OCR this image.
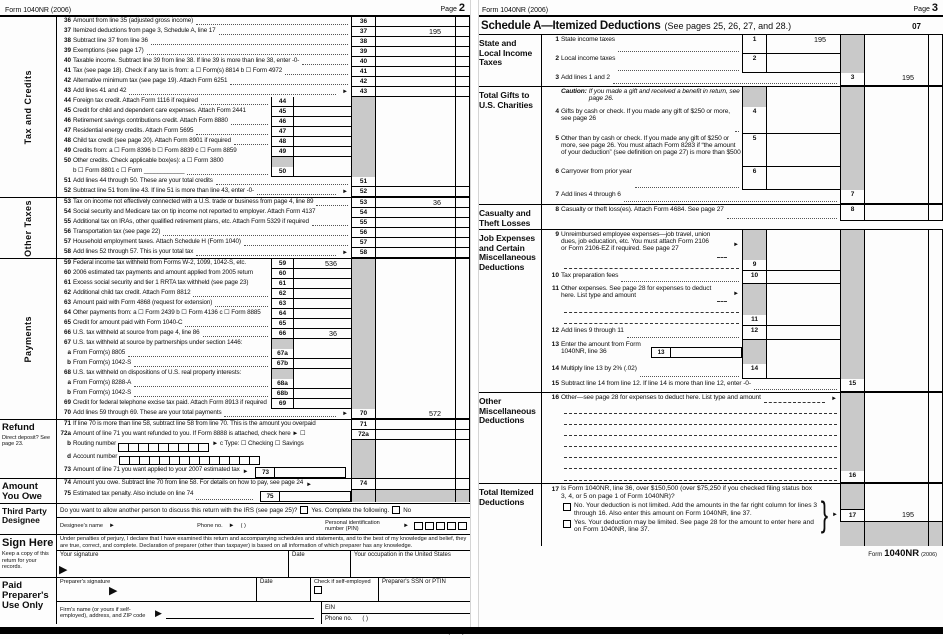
Form 1040NR (2006)	Page 2
Tax and Credits
36 Amount from line 35 (adjusted gross income)	36
37 Itemized deductions from page 3, Schedule A, line 17	37	195
38 Subtract line 37 from line 36	38
39 Exemptions (see page 17)	39
40 Taxable income. Subtract line 39 from line 38. If line 39 is more than line 38, enter -0-	40
41 Tax (see page 18). Check if any tax is from: a ☐ Form(s) 8814 b ☐ Form 4972	41
42 Alternative minimum tax (see page 19). Attach Form 6251	42
43 Add lines 41 and 42	►	43
44 Foreign tax credit. Attach Form 1116 if required	44
45 Credit for child and dependent care expenses. Attach Form 2441	45
46 Retirement savings contributions credit. Attach Form 8880	46
47 Residential energy credits. Attach Form 5695	47
48 Child tax credit (see page 20). Attach Form 8901 if required	48
49 Credits from: a ☐ Form 8396 b ☐ Form 8839 c ☐ Form 8859	49
50 Other credits. Check applicable box(es): a ☐ Form 3800
b ☐ Form 8801 c ☐ Form ____________	50
51 Add lines 44 through 50. These are your total credits	51
52 Subtract line 51 from line 43. If line 51 is more than line 43, enter -0-	►	52
Other Taxes	53 Tax on income not effectively connected with a U.S. trade or business from page 4, line 89	53	36
54 Social security and Medicare tax on tip income not reported to employer. Attach Form 4137	54
55 Additional tax on IRAs, other qualified retirement plans, etc. Attach Form 5329 if required	55
56 Transportation tax (see page 22)	56
57 Household employment taxes. Attach Schedule H (Form 1040)	57
58 Add lines 52 through 57. This is your total tax	►	58
Payments
59 Federal income tax withheld from Forms W-2, 1099, 1042-S, etc.	59	536
60 2006 estimated tax payments and amount applied from 2005 return	60
61 Excess social security and tier 1 RRTA tax withheld (see page 23)	61
62 Additional child tax credit. Attach Form 8812	62
63 Amount paid with Form 4868 (request for extension)	63
64 Other payments from: a ☐ Form 2439 b ☐ Form 4136 c ☐ Form 8885	64
65 Credit for amount paid with Form 1040-C	65
66 U.S. tax withheld at source from page 4, line 86	66	36
67 U.S. tax withheld at source by partnerships under section 1446:
a From Form(s) 8805	67a
b From Form(s) 1042-S	67b
68 U.S. tax withheld on dispositions of U.S. real property interests:
a From Form(s) 8288-A	68a
b From Form(s) 1042-S	68b
69 Credit for federal telephone excise tax paid. Attach Form 8913 if required	69
70 Add lines 59 through 69. These are your total payments	►	70	572
Refund
Direct deposit? See page 23.
71 If line 70 is more than line 58, subtract line 58 from line 70. This is the amount you overpaid	71
72a Amount of line 71 you want refunded to you. If Form 8888 is attached, check here ► ☐	72a
b Routing number	► c Type: ☐ Checking ☐ Savings
d Account number
73 Amount of line 71 you want applied to your 2007 estimated tax ►	73
Amount You Owe
74 Amount you owe. Subtract line 70 from line 58. For details on how to pay, see page 24 ►	74
75 Estimated tax penalty. Also include on line 74	75
Third Party Designee
Do you want to allow another person to discuss this return with the IRS (see page 25)? Yes. Complete the following. No
Designee's name ►	Phone no. ► ( )	Personal identification number (PIN)	►
Sign Here
Keep a copy of this return for your records.
Under penalties of perjury, I declare that I have examined this return and accompanying schedules and statements, and to the best of my knowledge and belief, they are true, correct, and complete. Declaration of preparer (other than taxpayer) is based on all information of which preparer has any knowledge.
Your signature
▶
Date	Your occupation in the United States
Paid Preparer's Use Only
Preparer's signature
▶
Date	Check if self-employed	Preparer's SSN or PTIN
Firm's name (or yours if self-employed), address, and ZIP code	▶
EIN
Phone no. ( )
Form 1040NR (2006)	Page 3
Schedule A—Itemized Deductions (See pages 25, 26, 27, and 28.)	07
State and Local Income Taxes
1 State income taxes	1	195
2 Local income taxes	2
3 Add lines 1 and 2	3	195
Total Gifts to U.S. Charities
Caution: If you made a gift and received a benefit in return, see page 26.
4 Gifts by cash or check. If you made any gift of $250 or more, see page 26
4
5 Other than by cash or check. If you made any gift of $250 or more, see page 26. You must attach Form 8283 if “the amount of your deduction” (see definition on page 27) is more than $500
5
6 Carryover from prior year	6
7 Add lines 4 through 6	7
Casualty and Theft Losses
8 Casualty or theft loss(es). Attach Form 4684. See page 27	8
Job Expenses and Certain Miscellaneous Deductions
9 Unreimbursed employee expenses—job travel, union dues, job education, etc. You must attach Form 2106 or Form 2106-EZ if required. See page 27	►
9
10 Tax preparation fees	10
11 Other expenses. See page 28 for expenses to deduct here. List type and amount	►
11
12 Add lines 9 through 11	12
13 Enter the amount from Form 1040NR, line 36	13
14 Multiply line 13 by 2% (.02)	14
15 Subtract line 14 from line 12. If line 14 is more than line 12, enter -0-	15
Other Miscellaneous Deductions
16 Other—see page 28 for expenses to deduct here. List type and amount	►
16
Total Itemized Deductions
17 Is Form 1040NR, line 36, over $150,500 (over $75,250 if you checked filing status box 3, 4, or 5 on page 1 of Form 1040NR)?
No. Your deduction is not limited. Add the amounts in the far right column for lines 3 through 16. Also enter this amount on Form 1040NR, line 37.
Yes. Your deduction may be limited. See page 28 for the amount to enter here and on Form 1040NR, line 37.	} ►	17	195
Form 1040NR (2006)
